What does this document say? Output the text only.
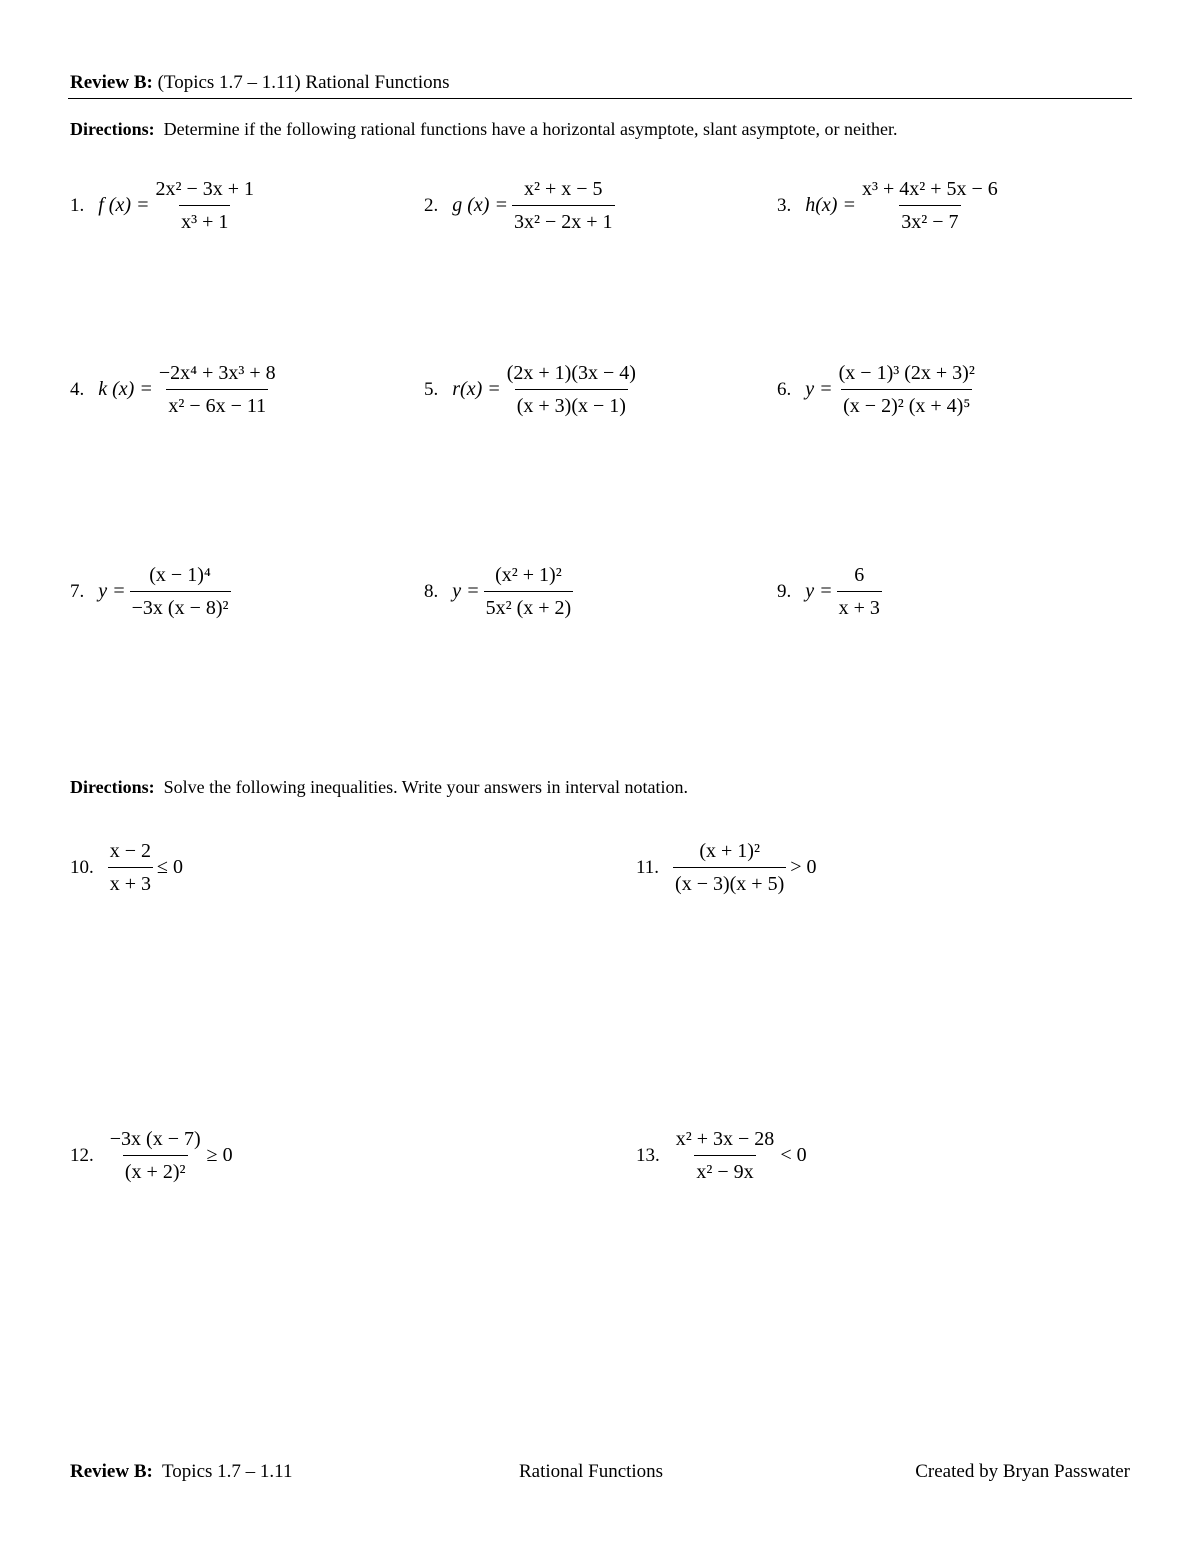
Review B: (Topics 1.7 – 1.11) Rational Functions
Directions: Determine if the following rational functions have a horizontal asymptote, slant asymptote, or neither.
1. f $(x) = \frac{\text{2x² − 3x + 1}}{\text{x³ + 1}}$	2. g $(x) = \frac{\text{x² + x − 5}}{\text{3x² − 2x + 1}}$	3. $h(x) = \frac{\text{x³ + 4x² + 5x − 6}}{\text{3x² − 7}}$
4. k $(x) = \frac{\text{−2x⁴ + 3x³ + 8}}{\text{x² − 6x − 11}}$	5. $r(x) = \frac{(2x + 1)(3x - 4)}{(x + 3)(x - 1)}$	6. $y = \frac{\text{(x − 1)³ (2x + 3)²}}{\text{(x − 2)² (x + 4)⁵}}$
7. $y = \frac{\text{(x − 1)⁴}}{\text{−3x (x − 8)²}}$	8. $y = \frac{\text{(x² + 1)²}}{\text{5x² (x + 2)}}$	9. $y = \frac{6}{x + 3}$
Directions: Solve the following inequalities. Write your answers in interval notation.
10. $\frac{x - 2}{x + 3} \le 0$	11. $\frac{\text{(x + 1)²}}{(x - 3)(x + 5)} > 0$
12. $\frac{-3x (x - 7)}{\text{(x + 2)²}} \ge 0$	13. $\frac{\text{x² + 3x − 28}}{\text{x² − 9x}} < 0$
Review B: Topics 1.7 – 1.11	Rational Functions	Created by Bryan Passwater
